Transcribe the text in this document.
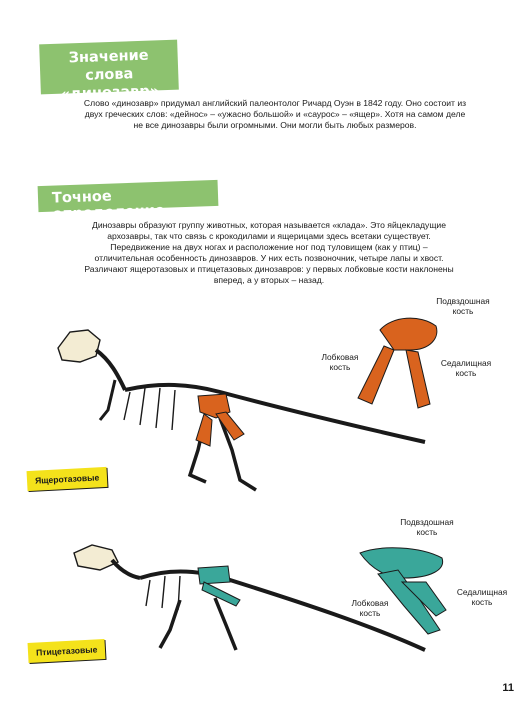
Значение слова «динозавр»
Слово «динозавр» придумал английский палеонтолог Ричард Оуэн в 1842 году. Оно состоит из двух греческих слов: «дейнос» – «ужасно большой» и «саурос» – «ящер». Хотя на самом деле не все динозавры были огромными. Они могли быть любых размеров.
Точное определение
Динозавры образуют группу животных, которая называется «клада». Это яйцекладущие архозавры, так что связь с крокодилами и ящерицами здесь всетаки существует. Передвижение на двух ногах и расположение ног под туловищем (как у птиц) – отличительная особенность динозавров. У них есть позвоночник, четыре лапы и хвост. Различают ящеротазовых и птицетазовых динозавров: у первых лобковые кости наклонены вперед, а у вторых – назад.
Ящеротазовые
Птицетазовые
Подвздошная кость
Лобковая кость	Седалищная кость
Подвздошная кость
Лобковая кость
Седалищная кость
11
